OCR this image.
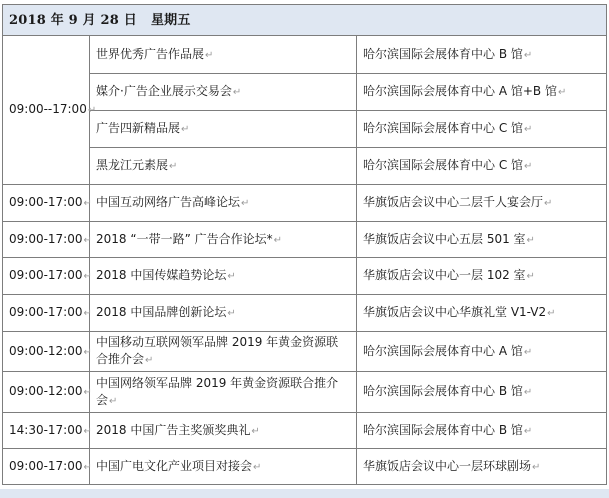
2018 年 9 月 28 日 星期五		
09:00--17:00↵	世界优秀广告作品展↵	哈尔滨国际会展体育中心 B 馆↵
	媒介·广告企业展示交易会↵	哈尔滨国际会展体育中心 A 馆+B 馆↵
	广告四新精品展↵	哈尔滨国际会展体育中心 C 馆↵
	黑龙江元素展↵	哈尔滨国际会展体育中心 C 馆↵
09:00-17:00↵	中国互动网络广告高峰论坛↵	华旗饭店会议中心二层千人宴会厅↵
09:00-17:00↵	2018 “一带一路” 广告合作论坛*↵	华旗饭店会议中心五层 501 室↵
09:00-17:00↵	2018 中国传媒趋势论坛↵	华旗饭店会议中心一层 102 室↵
09:00-17:00↵	2018 中国品牌创新论坛↵	华旗饭店会议中心华旗礼堂 V1-V2↵
09:00-12:00↵	中国移动互联网领军品牌 2019 年黄金资源联合推介会↵	哈尔滨国际会展体育中心 A 馆↵
09:00-12:00↵	中国网络领军品牌 2019 年黄金资源联合推介会↵	哈尔滨国际会展体育中心 B 馆↵
14:30-17:00↵	2018 中国广告主奖颁奖典礼↵	哈尔滨国际会展体育中心 B 馆↵
09:00-17:00↵	中国广电文化产业项目对接会↵	华旗饭店会议中心一层环球剧场↵
